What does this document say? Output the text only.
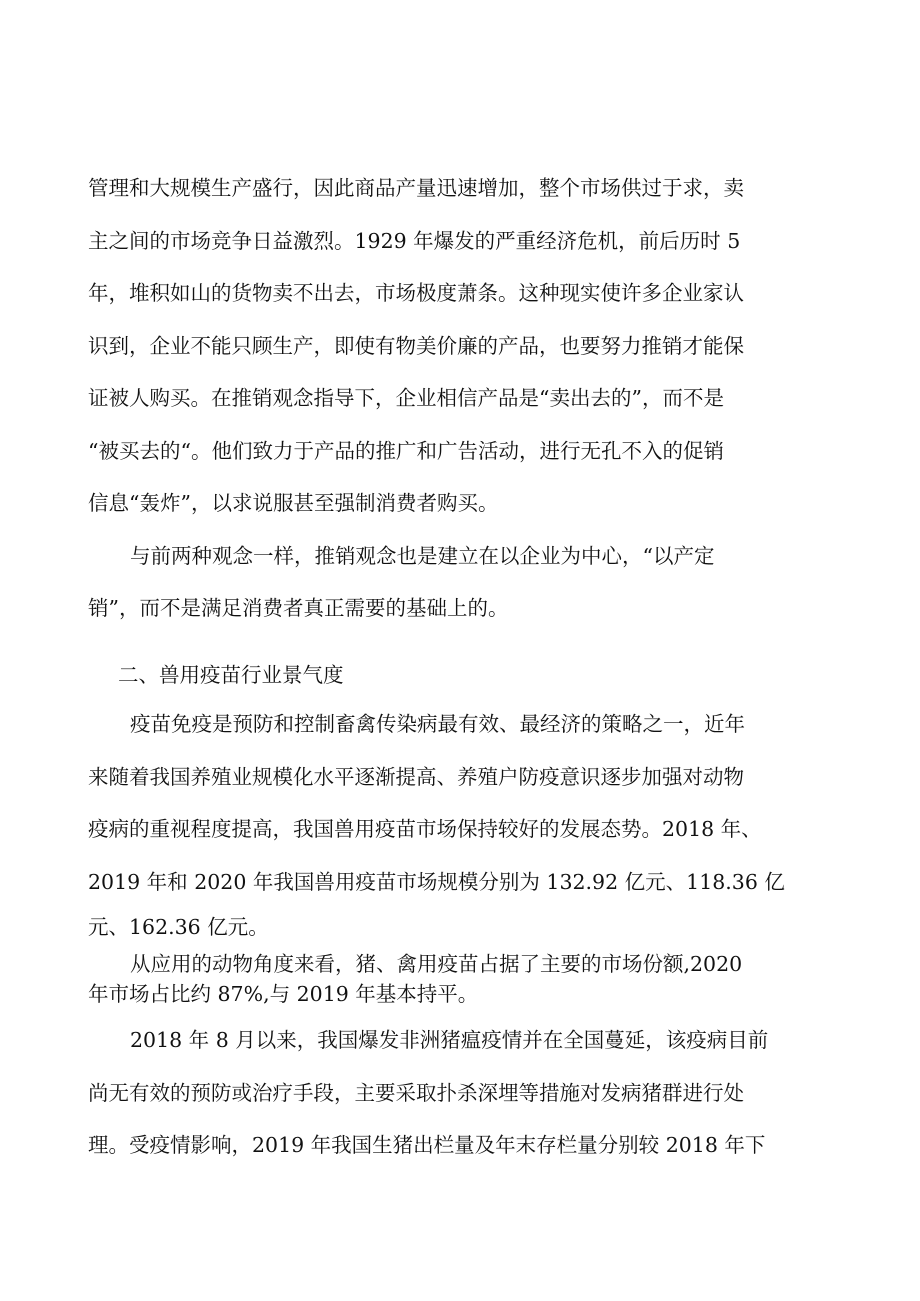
管理和大规模生产盛行，因此商品产量迅速增加，整个市场供过于求，卖
主之间的市场竞争日益激烈。1929 年爆发的严重经济危机，前后历时 5
年，堆积如山的货物卖不出去，市场极度萧条。这种现实使许多企业家认
识到，企业不能只顾生产，即使有物美价廉的产品，也要努力推销才能保
证被人购买。在推销观念指导下，企业相信产品是“卖出去的”，而不是
“被买去的“。他们致力于产品的推广和广告活动，进行无孔不入的促销
信息“轰炸”，以求说服甚至强制消费者购买。
与前两种观念一样，推销观念也是建立在以企业为中心，“以产定
销”，而不是满足消费者真正需要的基础上的。
二、兽用疫苗行业景气度
疫苗免疫是预防和控制畜禽传染病最有效、最经济的策略之一，近年
来随着我国养殖业规模化水平逐渐提高、养殖户防疫意识逐步加强对动物
疫病的重视程度提高，我国兽用疫苗市场保持较好的发展态势。2018 年、
2019 年和 2020 年我国兽用疫苗市场规模分别为 132.92 亿元、118.36 亿
元、162.36 亿元。
从应用的动物角度来看，猪、禽用疫苗占据了主要的市场份额,2020
年市场占比约 87%,与 2019 年基本持平。
2018 年 8 月以来，我国爆发非洲猪瘟疫情并在全国蔓延，该疫病目前
尚无有效的预防或治疗手段，主要采取扑杀深埋等措施对发病猪群进行处
理。受疫情影响，2019 年我国生猪出栏量及年末存栏量分别较 2018 年下
